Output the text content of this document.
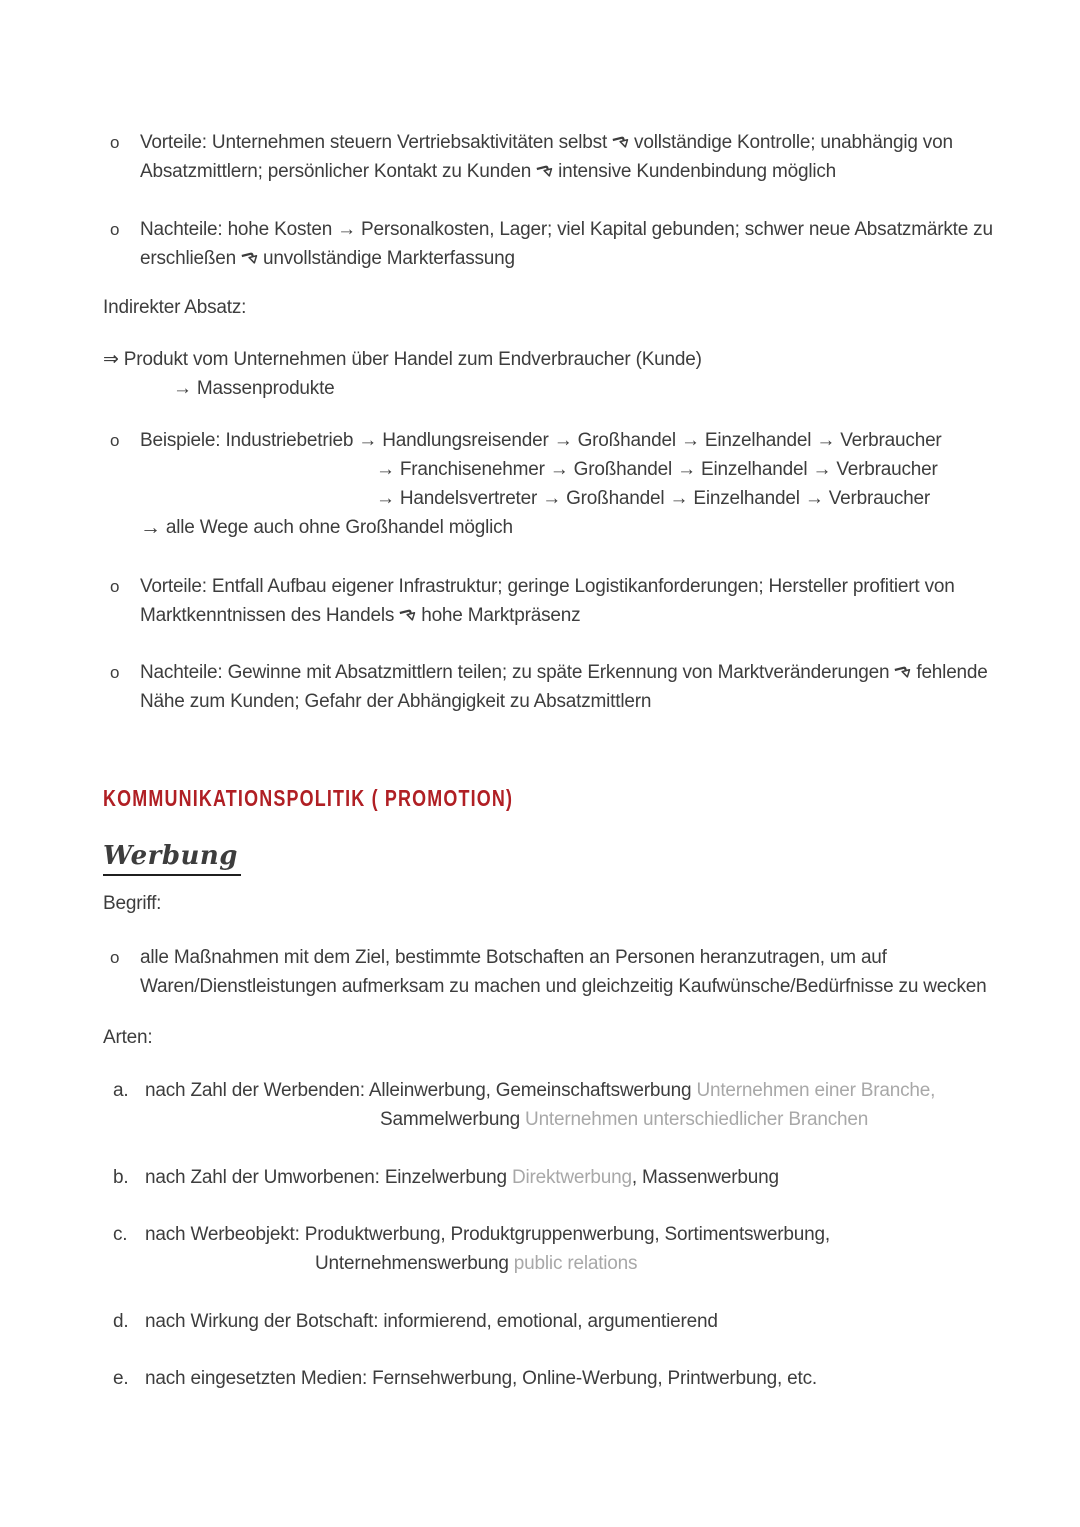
o	Vorteile: Unternehmen steuern Vertriebsaktivitäten selbst vollständige Kontrolle; unabhängig von
Absatzmittlern; persönlicher Kontakt zu Kunden intensive Kundenbindung möglich
o	Nachteile: hohe Kosten → Personalkosten, Lager; viel Kapital gebunden; schwer neue Absatzmärkte zu
erschließen unvollständige Markterfassung
Indirekter Absatz:
⇒ Produkt vom Unternehmen über Handel zum Endverbraucher (Kunde)
→ Massenprodukte
o	Beispiele: Industriebetrieb → Handlungsreisender → Großhandel → Einzelhandel → Verbraucher
→ Franchisenehmer → Großhandel → Einzelhandel → Verbraucher
→ Handelsvertreter → Großhandel → Einzelhandel → Verbraucher
→ alle Wege auch ohne Großhandel möglich
o	Vorteile: Entfall Aufbau eigener Infrastruktur; geringe Logistikanforderungen; Hersteller profitiert von
Marktkenntnissen des Handels hohe Marktpräsenz
o	Nachteile: Gewinne mit Absatzmittlern teilen; zu späte Erkennung von Marktveränderungen fehlende
Nähe zum Kunden; Gefahr der Abhängigkeit zu Absatzmittlern
KOMMUNIKATIONSPOLITIK ( PROMOTION)
Werbung
Begriff:
o	alle Maßnahmen mit dem Ziel, bestimmte Botschaften an Personen heranzutragen, um auf
Waren/Dienstleistungen aufmerksam zu machen und gleichzeitig Kaufwünsche/Bedürfnisse zu wecken
Arten:
a. nach Zahl der Werbenden: Alleinwerbung, Gemeinschaftswerbung Unternehmen einer Branche,
Sammelwerbung Unternehmen unterschiedlicher Branchen
b. nach Zahl der Umworbenen: Einzelwerbung Direktwerbung, Massenwerbung
c. nach Werbeobjekt: Produktwerbung, Produktgruppenwerbung, Sortimentswerbung,
Unternehmenswerbung public relations
d. nach Wirkung der Botschaft: informierend, emotional, argumentierend
e. nach eingesetzten Medien: Fernsehwerbung, Online-Werbung, Printwerbung, etc.
